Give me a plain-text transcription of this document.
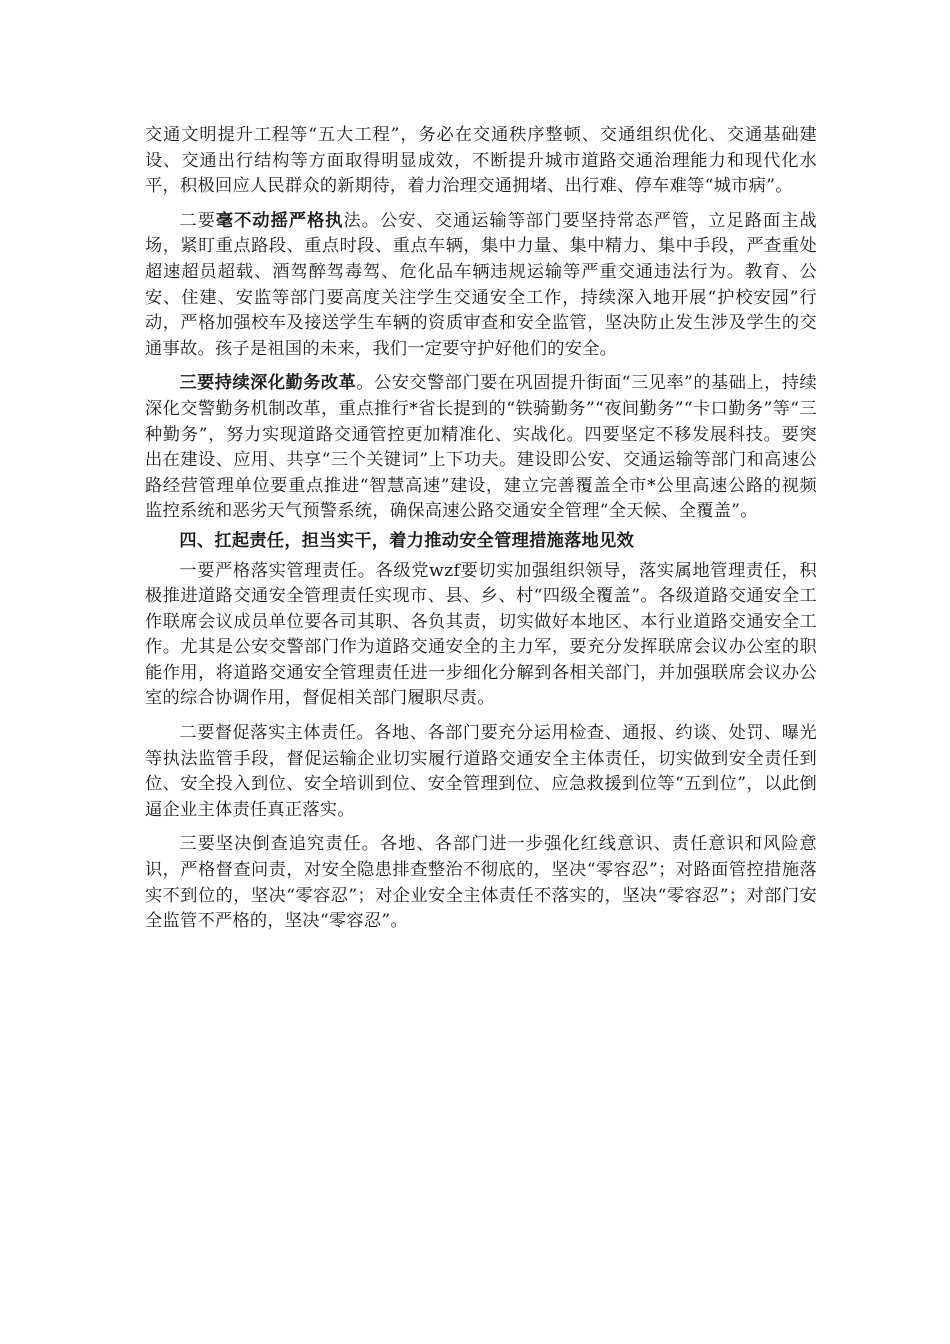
交通文明提升工程等“五大工程”，务必在交通秩序整顿、交通组织优化、交通基础建设、交通出行结构等方面取得明显成效，不断提升城市道路交通治理能力和现代化水平，积极回应人民群众的新期待，着力治理交通拥堵、出行难、停车难等“城市病”。

二要毫不动摇严格执法。公安、交通运输等部门要坚持常态严管，立足路面主战场，紧盯重点路段、重点时段、重点车辆，集中力量、集中精力、集中手段，严查重处超速超员超载、酒驾醉驾毒驾、危化品车辆违规运输等严重交通违法行为。教育、公安、住建、安监等部门要高度关注学生交通安全工作，持续深入地开展“护校安园”行动，严格加强校车及接送学生车辆的资质审查和安全监管，坚决防止发生涉及学生的交通事故。孩子是祖国的未来，我们一定要守护好他们的安全。

三要持续深化勤务改革。公安交警部门要在巩固提升街面“三见率”的基础上，持续深化交警勤务机制改革，重点推行*省长提到的“铁骑勤务”“夜间勤务”“卡口勤务”等“三种勤务”，努力实现道路交通管控更加精准化、实战化。四要坚定不移发展科技。要突出在建设、应用、共享“三个关键词”上下功夫。建设即公安、交通运输等部门和高速公路经营管理单位要重点推进“智慧高速”建设，建立完善覆盖全市*公里高速公路的视频监控系统和恶劣天气预警系统，确保高速公路交通安全管理“全天候、全覆盖”。

四、扛起责任，担当实干，着力推动安全管理措施落地见效

一要严格落实管理责任。各级党wzf要切实加强组织领导，落实属地管理责任，积极推进道路交通安全管理责任实现市、县、乡、村“四级全覆盖”。各级道路交通安全工作联席会议成员单位要各司其职、各负其责，切实做好本地区、本行业道路交通安全工作。尤其是公安交警部门作为道路交通安全的主力军，要充分发挥联席会议办公室的职能作用，将道路交通安全管理责任进一步细化分解到各相关部门，并加强联席会议办公室的综合协调作用，督促相关部门履职尽责。

二要督促落实主体责任。各地、各部门要充分运用检查、通报、约谈、处罚、曝光等执法监管手段，督促运输企业切实履行道路交通安全主体责任，切实做到安全责任到位、安全投入到位、安全培训到位、安全管理到位、应急救援到位等“五到位”，以此倒逼企业主体责任真正落实。

三要坚决倒查追究责任。各地、各部门进一步强化红线意识、责任意识和风险意识，严格督查问责，对安全隐患排查整治不彻底的，坚决“零容忍”；对路面管控措施落实不到位的，坚决“零容忍”；对企业安全主体责任不落实的，坚决“零容忍”；对部门安全监管不严格的，坚决“零容忍”。
